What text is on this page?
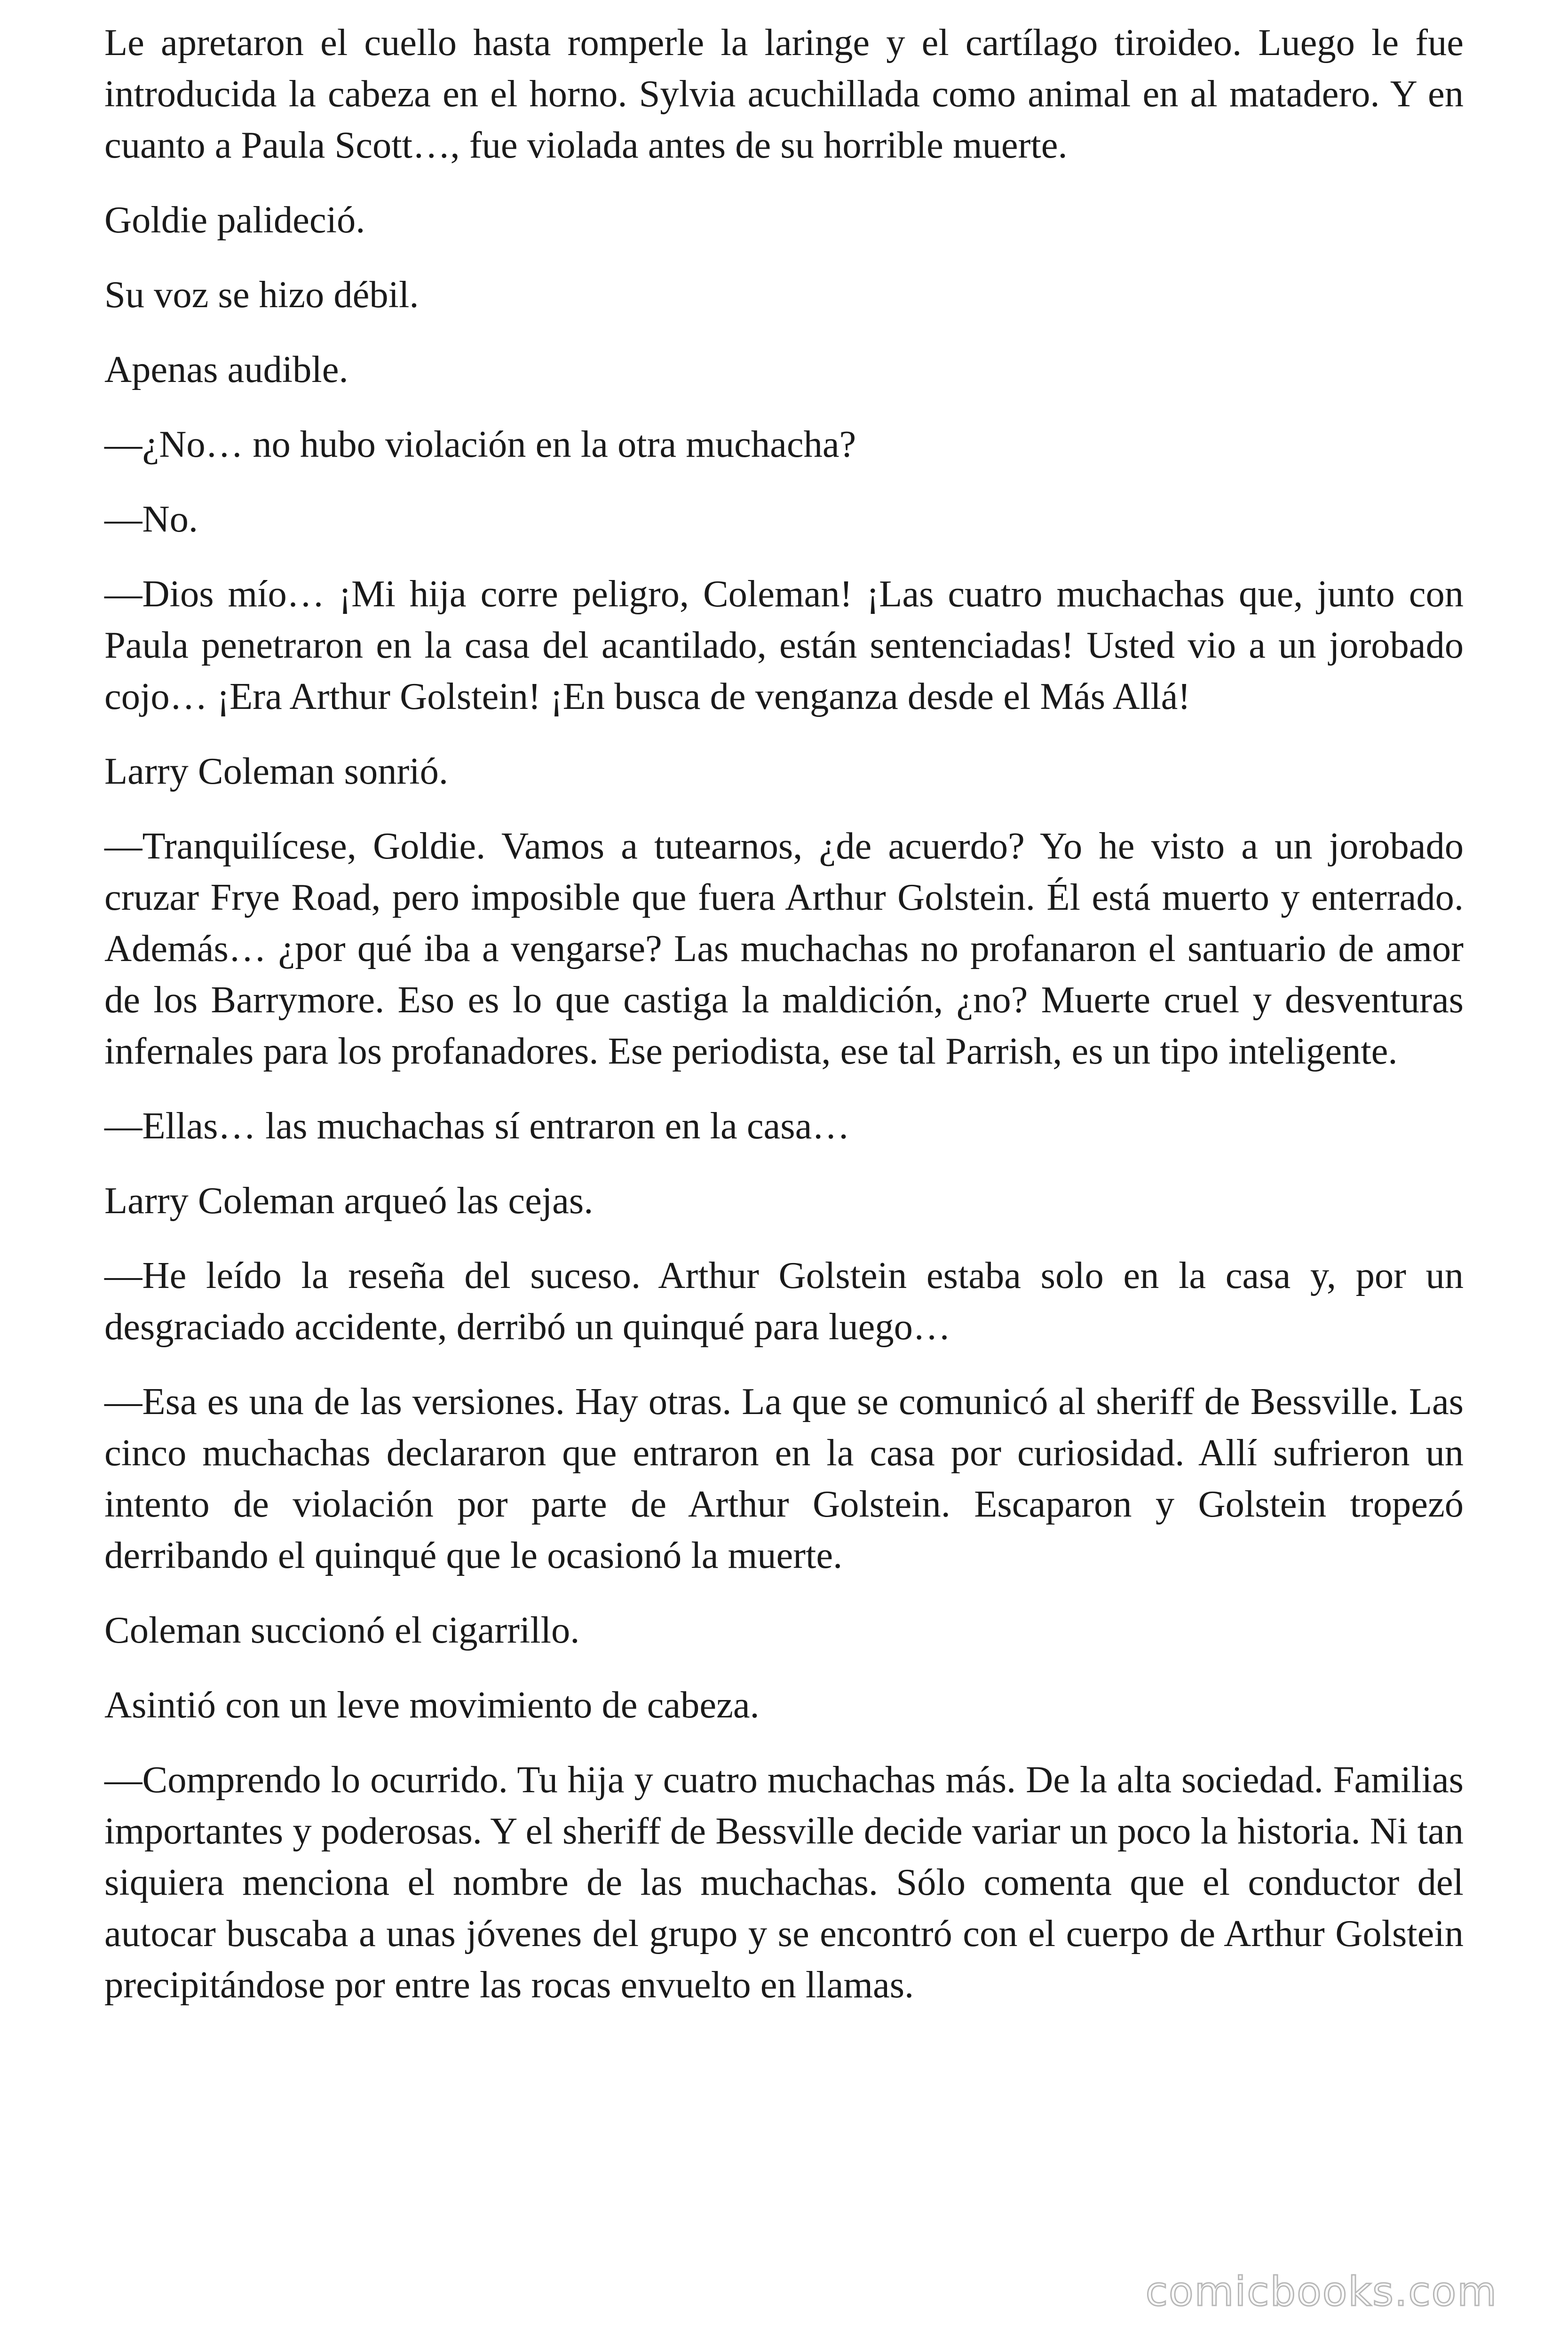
Le apretaron el cuello hasta romperle la laringe y el cartílago tiroideo. Luego le fue introducida la cabeza en el horno. Sylvia acuchillada como animal en al matadero. Y en cuanto a Paula Scott…, fue violada antes de su horrible muerte.

Goldie palideció.

Su voz se hizo débil.

Apenas audible.

—¿No… no hubo violación en la otra muchacha?

—No.

—Dios mío… ¡Mi hija corre peligro, Coleman! ¡Las cuatro muchachas que, junto con Paula penetraron en la casa del acantilado, están sentenciadas! Usted vio a un jorobado cojo… ¡Era Arthur Golstein! ¡En busca de venganza desde el Más Allá!

Larry Coleman sonrió.

—Tranquilícese, Goldie. Vamos a tutearnos, ¿de acuerdo? Yo he visto a un jorobado cruzar Frye Road, pero imposible que fuera Arthur Golstein. Él está muerto y enterrado. Además… ¿por qué iba a vengarse? Las muchachas no profanaron el santuario de amor de los Barrymore. Eso es lo que castiga la maldición, ¿no? Muerte cruel y desventuras infernales para los profanadores. Ese periodista, ese tal Parrish, es un tipo inteligente.

—Ellas… las muchachas sí entraron en la casa…

Larry Coleman arqueó las cejas.

—He leído la reseña del suceso. Arthur Golstein estaba solo en la casa y, por un desgraciado accidente, derribó un quinqué para luego…

—Esa es una de las versiones. Hay otras. La que se comunicó al sheriff de Bessville. Las cinco muchachas declararon que entraron en la casa por curiosidad. Allí sufrieron un intento de violación por parte de Arthur Golstein. Escaparon y Golstein tropezó derribando el quinqué que le ocasionó la muerte.

Coleman succionó el cigarrillo.

Asintió con un leve movimiento de cabeza.

—Comprendo lo ocurrido. Tu hija y cuatro muchachas más. De la alta sociedad. Familias importantes y poderosas. Y el sheriff de Bessville decide variar un poco la historia. Ni tan siquiera menciona el nombre de las muchachas. Sólo comenta que el conductor del autocar buscaba a unas jóvenes del grupo y se encontró con el cuerpo de Arthur Golstein precipitándose por entre las rocas envuelto en llamas.

comicbooks.com
